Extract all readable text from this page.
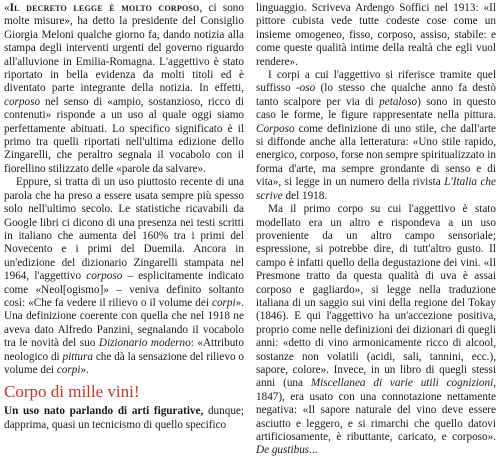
«Il decreto legge è molto corposo, ci sono molte misure», ha detto la presidente del Consiglio Giorgia Meloni qualche giorno fa, dando notizia alla stampa degli interventi urgenti del governo riguardo all'alluvione in Emilia-Romagna. L'aggettivo è stato riportato in bella evidenza da molti titoli ed è diventato parte integrante della notizia. In effetti, corposo nel senso di «ampio, sostanzioso, ricco di contenuti» risponde a un uso al quale oggi siamo perfettamente abituati. Lo specifico significato è il primo tra quelli riportati nell'ultima edizione dello Zingarelli, che peraltro segnala il vocabolo con il fiorellino stilizzato delle «parole da salvare».

Eppure, si tratta di un uso piuttosto recente di una parola che ha preso a essere usata sempre più spesso solo nell'ultimo secolo. Le statistiche ricavabili da Google libri ci dicono di una presenza nei testi scritti in italiano che aumenta del 160% tra i primi del Novecento e i primi del Duemila. Ancora in un'edizione del dizionario Zingarelli stampata nel 1964, l'aggettivo corposo – esplicitamente indicato come «Neol[ogismo]» – veniva definito soltanto così: «Che fa vedere il rilievo o il volume dei corpi». Una definizione coerente con quella che nel 1918 ne aveva dato Alfredo Panzini, segnalando il vocabolo tra le novità del suo Dizionario moderno: «Attributo neologico di pittura che dà la sensazione del rilievo o volume dei corpi».

Corpo di mille vini!

Un uso nato parlando di arti figurative, dunque; dapprima, quasi un tecnicismo di quello specifico

linguaggio. Scriveva Ardengo Soffici nel 1913: «Il pittore cubista vede tutte codeste cose come un insieme omogeneo, fisso, corposo, assiso, stabile: e come queste qualità intime della realtà che egli vuol rendere».

I corpi a cui l'aggettivo si riferisce tramite quel suffisso -oso (lo stesso che qualche anno fa destò tanto scalpore per via di petaloso) sono in questo caso le forme, le figure rappresentate nella pittura. Corposo come definizione di uno stile, che dall'arte si diffonde anche alla letteratura: «Uno stile rapido, energico, corposo, forse non sempre spiritualizzato in forma d'arte, ma sempre grondante di senso e di vita», si legge in un numero della rivista L'Italia che scrive del 1918.

Ma il primo corpo su cui l'aggettivo è stato modellato era un altro e rispondeva a un uso proveniente da un altro campo sensoriale; espressione, si potrebbe dire, di tutt'altro gusto. Il campo è infatti quello della degustazione dei vini. «Il Presmone tratto da questa qualità di uva è assai corposo e gagliardo», si legge nella traduzione italiana di un saggio sui vini della regione del Tokay (1846). E qui l'aggettivo ha un'accezione positiva, proprio come nelle definizioni dei dizionari di quegli anni: «detto di vino armonicamente ricco di alcool, sostanze non volatili (acidi, sali, tannini, ecc.), sapore, colore». Invece, in un libro di quegli stessi anni (una Miscellanea di varie utili cognizioni, 1847), era usato con una connotazione nettamente negativa: «Il sapore naturale del vino deve essere asciutto e leggero, e si rimarchi che quello datovi artificiosamente, è ributtante, caricato, e corposo». De gustibus...
